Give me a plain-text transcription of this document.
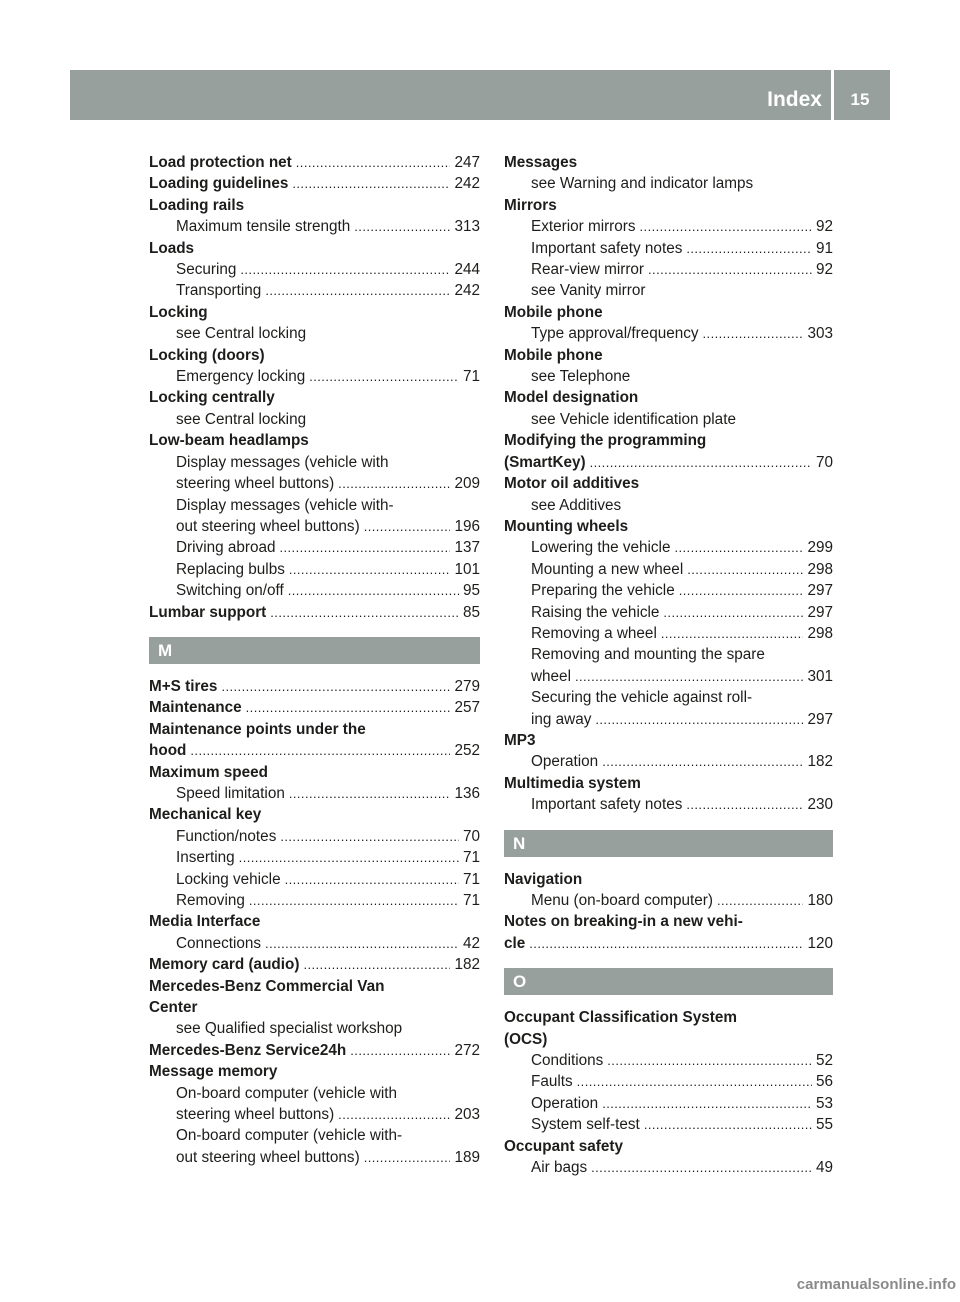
Index	15
Load protection net . . .	247
Loading guidelines . . .	242
Loading rails
Maximum tensile strength . . .	313
Loads
Securing . . .	244
Transporting . . .	242
Locking
see Central locking
Locking (doors)
Emergency locking . . .	71
Locking centrally
see Central locking
Low-beam headlamps
Display messages (vehicle with
steering wheel buttons) . . .	209
Display messages (vehicle with-
out steering wheel buttons) . . .	196
Driving abroad . . .	137
Replacing bulbs . . .	101
Switching on/off . . .	95
Lumbar support . . .	85
M
M+S tires . . .	279
Maintenance . . .	257
Maintenance points under the
hood . . .	252
Maximum speed
Speed limitation . . .	136
Mechanical key
Function/notes . . .	70
Inserting . . .	71
Locking vehicle . . .	71
Removing . . .	71
Media Interface
Connections . . .	42
Memory card (audio) . . .	182
Mercedes-Benz Commercial Van
Center
see Qualified specialist workshop
Mercedes-Benz Service24h . . .	272
Message memory
On-board computer (vehicle with
steering wheel buttons) . . .	203
On-board computer (vehicle with-
out steering wheel buttons) . . .	189
Messages
see Warning and indicator lamps
Mirrors
Exterior mirrors . . .	92
Important safety notes . . .	91
Rear-view mirror . . .	92
see Vanity mirror
Mobile phone
Type approval/frequency . . .	303
Mobile phone
see Telephone
Model designation
see Vehicle identification plate
Modifying the programming
(SmartKey) . . .	70
Motor oil additives
see Additives
Mounting wheels
Lowering the vehicle . . .	299
Mounting a new wheel . . .	298
Preparing the vehicle . . .	297
Raising the vehicle . . .	297
Removing a wheel . . .	298
Removing and mounting the spare
wheel . . .	301
Securing the vehicle against roll-
ing away . . .	297
MP3
Operation . . .	182
Multimedia system
Important safety notes . . .	230
N
Navigation
Menu (on-board computer) . . .	180
Notes on breaking-in a new vehi-
cle . . .	120
O
Occupant Classification System
(OCS)
Conditions . . .	52
Faults . . .	56
Operation . . .	53
System self-test . . .	55
Occupant safety
Air bags . . .	49
carmanualsonline.info
